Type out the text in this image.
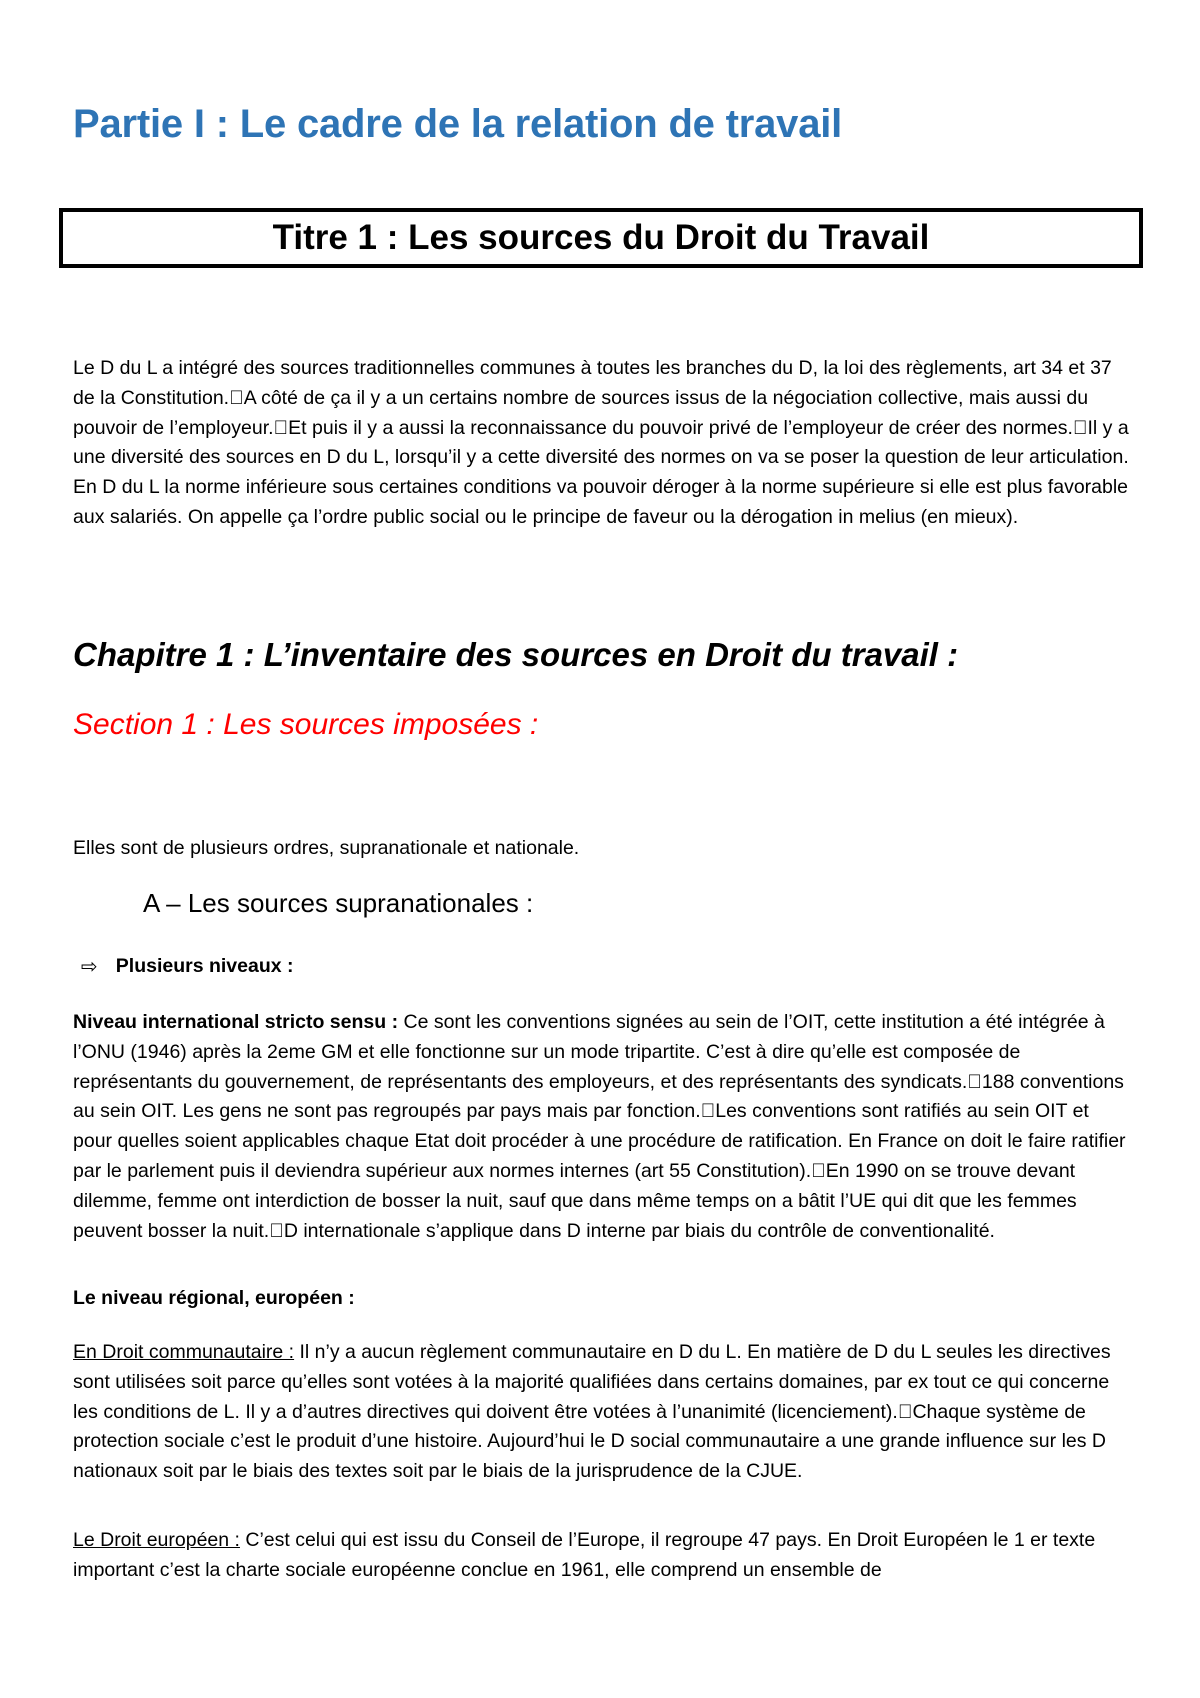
Partie I : Le cadre de la relation de travail
Titre 1 : Les sources du Droit du Travail

Le D du L a intégré des sources traditionnelles communes à toutes les branches du D, la loi des règlements, art 34 et 37 de la Constitution. A côté de ça il y a un certains nombre de sources issus de la négociation collective, mais aussi du pouvoir de l’employeur. Et puis il y a aussi la reconnaissance du pouvoir privé de l’employeur de créer des normes. Il y a une diversité des sources en D du L, lorsqu’il y a cette diversité des normes on va se poser la question de leur articulation. En D du L la norme inférieure sous certaines conditions va pouvoir déroger à la norme supérieure si elle est plus favorable aux salariés. On appelle ça l’ordre public social ou le principe de faveur ou la dérogation in melius (en mieux).

Chapitre 1 : L’inventaire des sources en Droit du travail :
Section 1 : Les sources imposées :

Elles sont de plusieurs ordres, supranationale et nationale.

A – Les sources supranationales :
⇨ Plusieurs niveaux :

Niveau international stricto sensu : Ce sont les conventions signées au sein de l’OIT, cette institution a été intégrée à l’ONU (1946) après la 2eme GM et elle fonctionne sur un mode tripartite. C’est à dire qu’elle est composée de représentants du gouvernement, de représentants des employeurs, et des représentants des syndicats. 188 conventions au sein OIT. Les gens ne sont pas regroupés par pays mais par fonction. Les conventions sont ratifiés au sein OIT et pour quelles soient applicables chaque Etat doit procéder à une procédure de ratification. En France on doit le faire ratifier par le parlement puis il deviendra supérieur aux normes internes (art 55 Constitution). En 1990 on se trouve devant dilemme, femme ont interdiction de bosser la nuit, sauf que dans même temps on a bâtit l’UE qui dit que les femmes peuvent bosser la nuit. D internationale s’applique dans D interne par biais du contrôle de conventionalité.

Le niveau régional, européen :

En Droit communautaire : Il n’y a aucun règlement communautaire en D du L. En matière de D du L seules les directives sont utilisées soit parce qu’elles sont votées à la majorité qualifiées dans certains domaines, par ex tout ce qui concerne les conditions de L. Il y a d’autres directives qui doivent être votées à l’unanimité (licenciement). Chaque système de protection sociale c’est le produit d’une histoire. Aujourd’hui le D social communautaire a une grande influence sur les D nationaux soit par le biais des textes soit par le biais de la jurisprudence de la CJUE.

Le Droit européen : C’est celui qui est issu du Conseil de l’Europe, il regroupe 47 pays. En Droit Européen le 1 er texte important c’est la charte sociale européenne conclue en 1961, elle comprend un ensemble de
